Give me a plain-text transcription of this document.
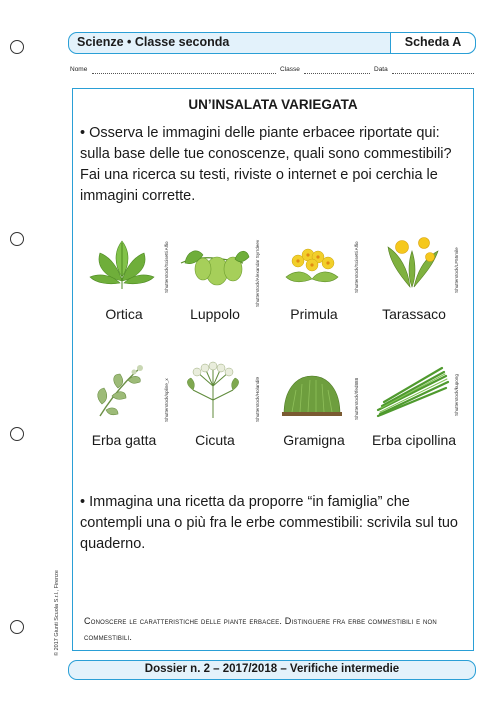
Scienze • Classe seconda	Scheda A
Nome	Classe	Data
UN’INSALATA VARIEGATA
• Osserva le immagini delle piante erbacee riportate qui: sulla base delle tue conoscenze, quali sono commestibili? Fai una ricerca su testi, riviste o internet e poi cerchia le immagini corrette.
Shutterstock/Scisetti Alfio
Ortica
Shutterstock/Alexandar Syrrdeev
Luppolo
Shutterstock/Scisetti Alfio
Primula
Shutterstock/LF55mile
Tarassaco
Shutterstock/spline_x
Erba gatta
Shutterstock/Holandi9
Cicuta
Shutterstock/Ifed888
Gramigna
Shutterstock/kupong
Erba cipollina
• Immagina una ricetta da proporre “in famiglia” che contempli una o più fra le erbe commestibili: scrivila sul tuo quaderno.
Conoscere le caratteristiche delle piante erbacee. Distinguere fra erbe commestibili e non commestibili.
© 2017 Giunti Scuola S.r.l., Firenze
Dossier n. 2 – 2017/2018 – Verifiche intermedie
